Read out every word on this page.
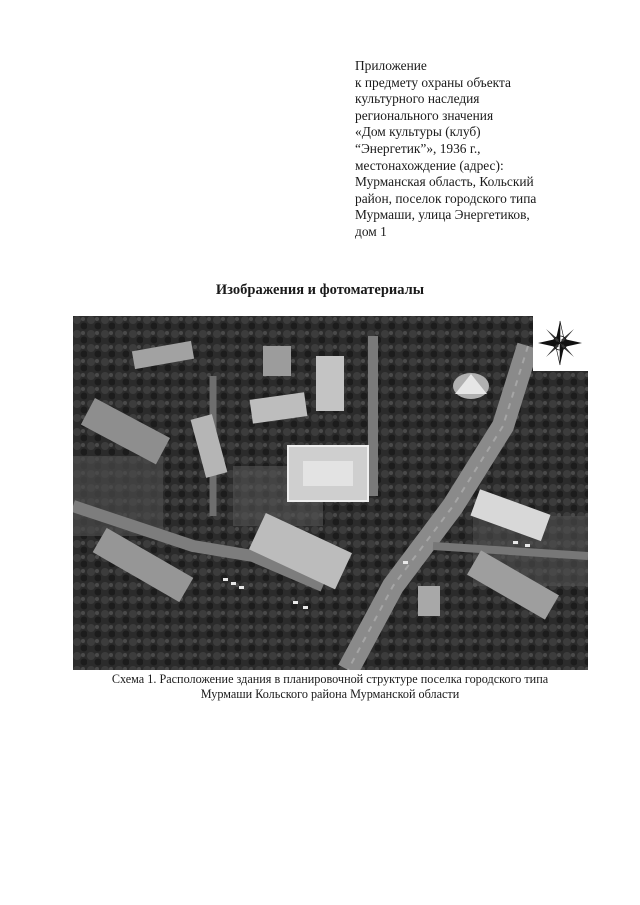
Приложение
к предмету охраны объекта
культурного наследия
регионального значения
«Дом культуры (клуб)
“Энергетик”», 1936 г.,
местонахождение (адрес):
Мурманская область, Кольский
район, поселок городского типа
Мурмаши, улица Энергетиков,
дом 1
Изображения и фотоматериалы
Схема 1. Расположение здания в планировочной структуре поселка городского типа
Мурмаши Кольского района Мурманской области
